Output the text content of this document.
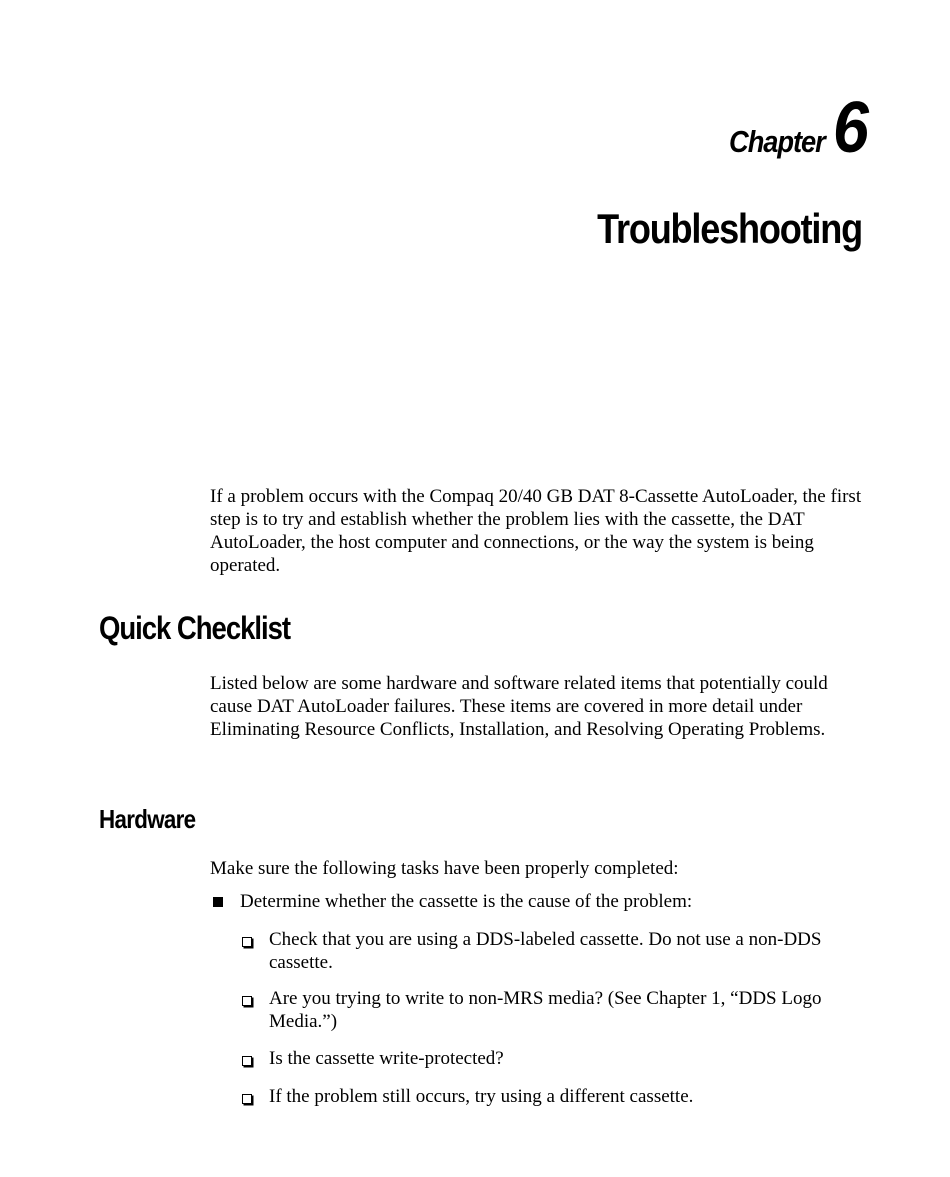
Chapter 6
Troubleshooting

If a problem occurs with the Compaq 20/40 GB DAT 8-Cassette AutoLoader, the first step is to try and establish whether the problem lies with the cassette, the DAT AutoLoader, the host computer and connections, or the way the system is being operated.

Quick Checklist

Listed below are some hardware and software related items that potentially could cause DAT AutoLoader failures. These items are covered in more detail under Eliminating Resource Conflicts, Installation, and Resolving Operating Problems.

Hardware

Make sure the following tasks have been properly completed:

Determine whether the cassette is the cause of the problem:
Check that you are using a DDS-labeled cassette. Do not use a non-DDS cassette.
Are you trying to write to non-MRS media? (See Chapter 1, “DDS Logo Media.”)
Is the cassette write-protected?
If the problem still occurs, try using a different cassette.
